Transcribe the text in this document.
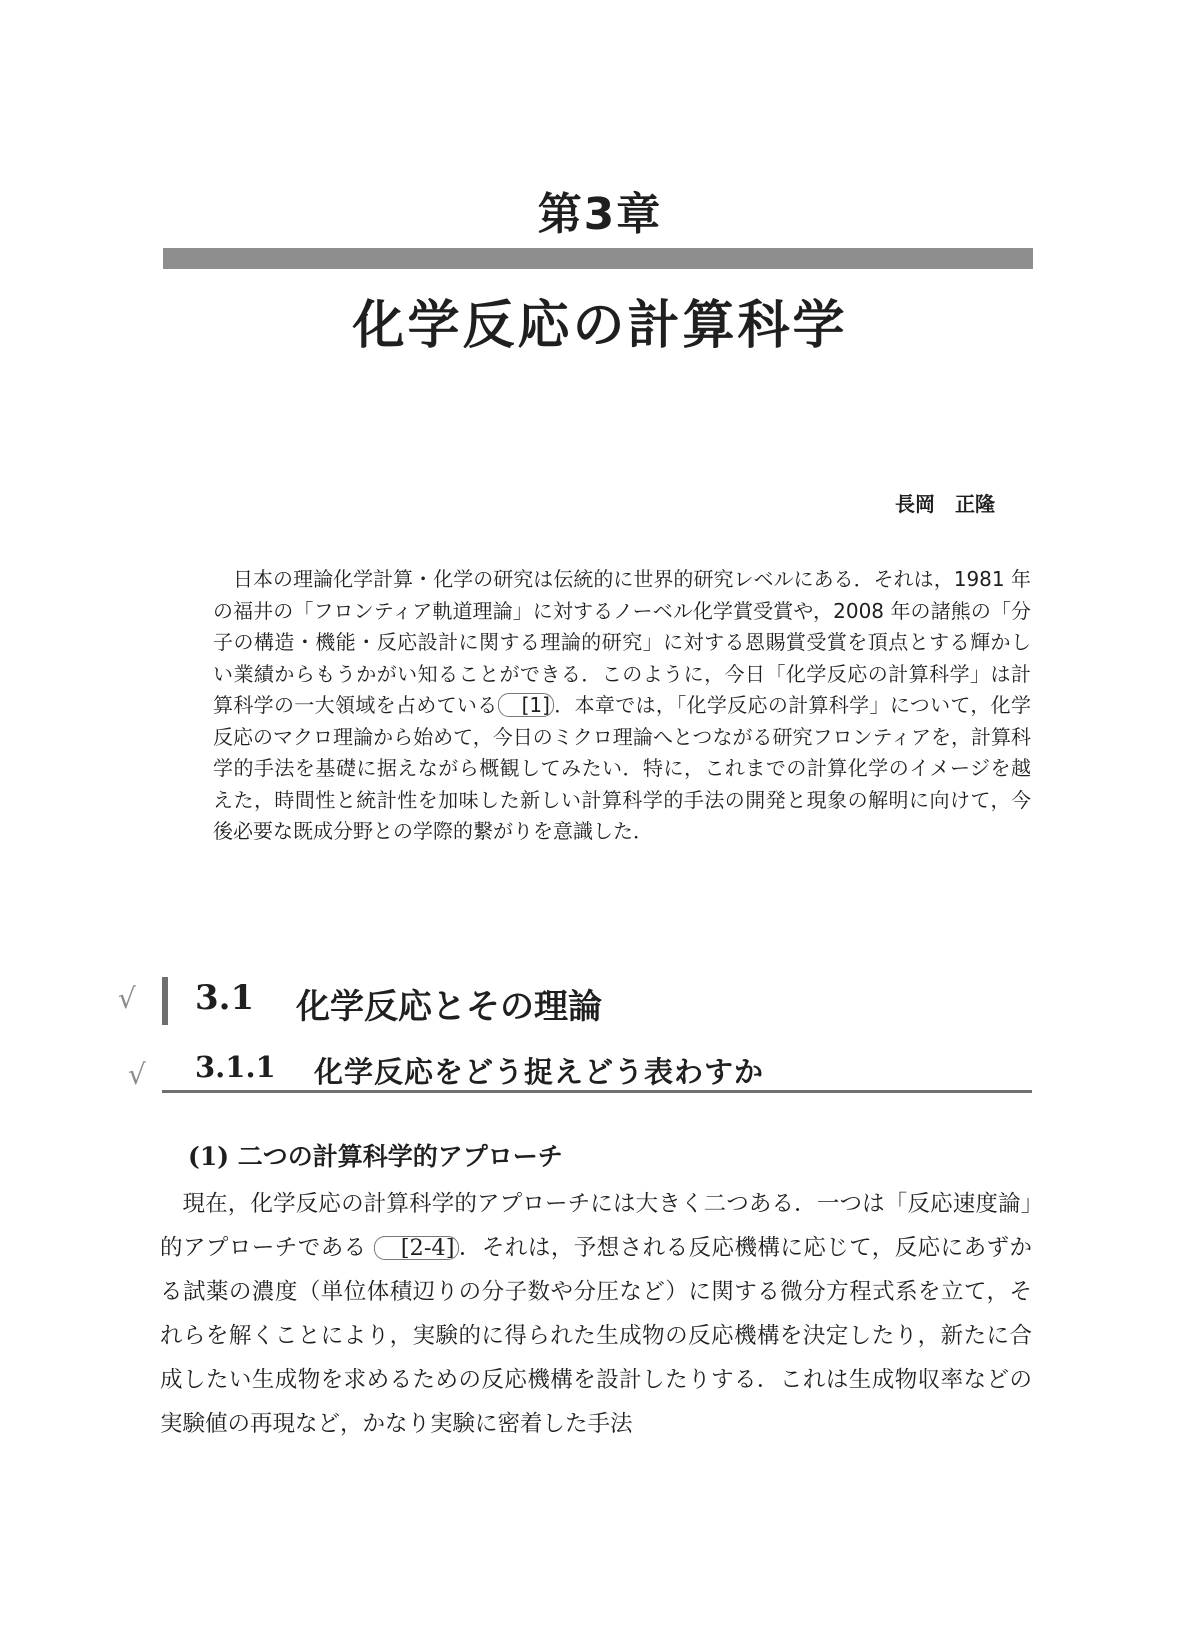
第3章
化学反応の計算科学
長岡　正隆

日本の理論化学計算・化学の研究は伝統的に世界的研究レベルにある．それは，1981 年の福井の「フロンティア軌道理論」に対するノーベル化学賞受賞や，2008 年の諸熊の「分子の構造・機能・反応設計に関する理論的研究」に対する恩賜賞受賞を頂点とする輝かしい業績からもうかがい知ることができる．このように，今日「化学反応の計算科学」は計算科学の一大領域を占めている [1] ．本章では，「化学反応の計算科学」について，化学反応のマクロ理論から始めて，今日のミクロ理論へとつながる研究フロンティアを，計算科学的手法を基礎に据えながら概観してみたい．特に，これまでの計算化学のイメージを越えた，時間性と統計性を加味した新しい計算科学的手法の開発と現象の解明に向けて，今後必要な既成分野との学際的繋がりを意識した．

√ 3.1 化学反応とその理論
√ 3.1.1 化学反応をどう捉えどう表わすか
(1) 二つの計算科学的アプローチ

現在，化学反応の計算科学的アプローチには大きく二つある．一つは「反応速度論」的アプローチである [2-4] ．それは，予想される反応機構に応じて，反応にあずかる試薬の濃度（単位体積辺りの分子数や分圧など）に関する微分方程式系を立て，それらを解くことにより，実験的に得られた生成物の反応機構を決定したり，新たに合成したい生成物を求めるための反応機構を設計したりする．これは生成物収率などの実験値の再現など，かなり実験に密着した手法
